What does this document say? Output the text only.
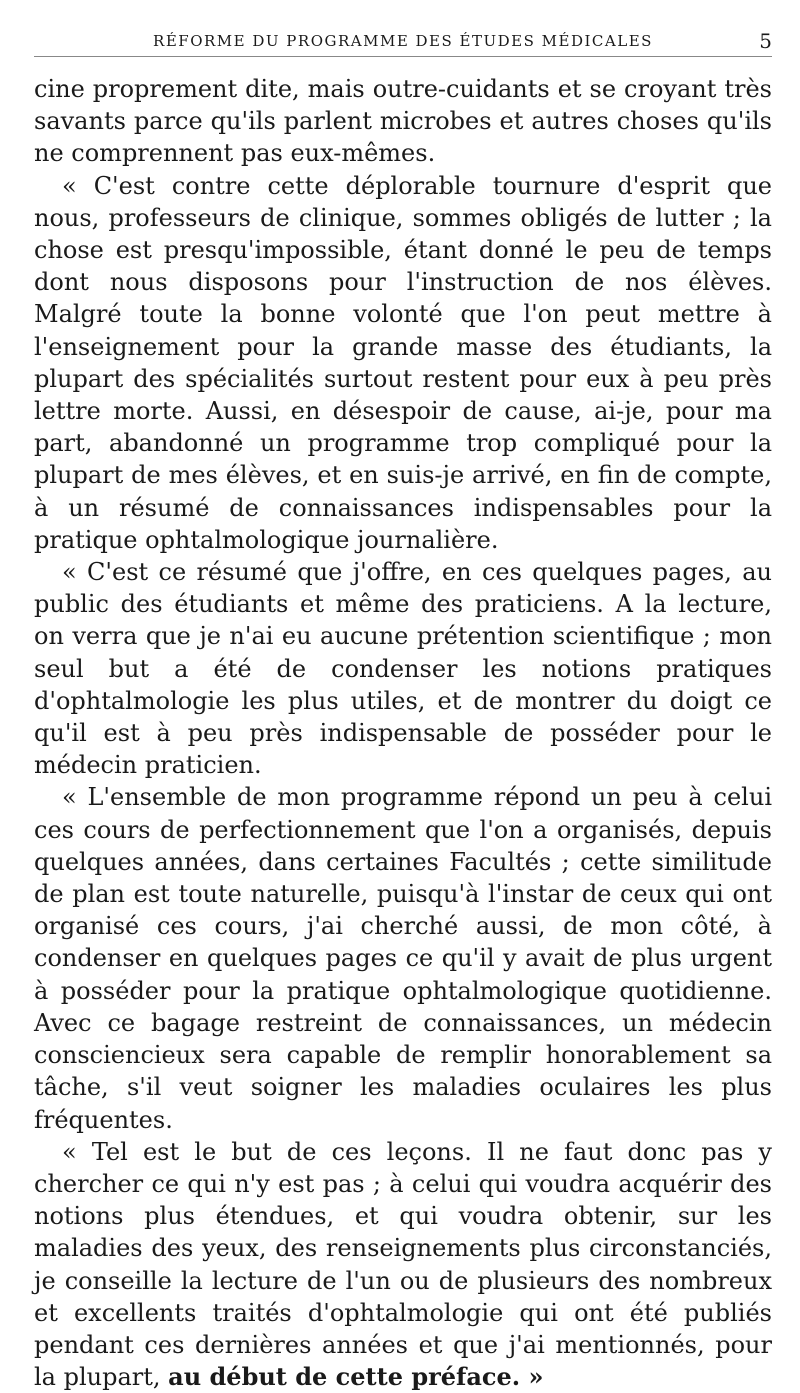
RÉFORME DU PROGRAMME DES ÉTUDES MÉDICALES	5

cine proprement dite, mais outre-cuidants et se croyant très savants parce qu'ils parlent microbes et autres choses qu'ils ne comprennent pas eux-mêmes.

« C'est contre cette déplorable tournure d'esprit que nous, professeurs de clinique, sommes obligés de lutter ; la chose est presqu'impossible, étant donné le peu de temps dont nous disposons pour l'instruction de nos élèves. Malgré toute la bonne volonté que l'on peut mettre à l'enseignement pour la grande masse des étudiants, la plupart des spécialités surtout restent pour eux à peu près lettre morte. Aussi, en désespoir de cause, ai-je, pour ma part, abandonné un programme trop compliqué pour la plupart de mes élèves, et en suis-je arrivé, en fin de compte, à un résumé de connaissances indispensables pour la pratique ophtalmologique journalière.

« C'est ce résumé que j'offre, en ces quelques pages, au public des étudiants et même des praticiens. A la lecture, on verra que je n'ai eu aucune prétention scientifique ; mon seul but a été de condenser les notions pratiques d'ophtalmologie les plus utiles, et de montrer du doigt ce qu'il est à peu près indispensable de posséder pour le médecin praticien.

« L'ensemble de mon programme répond un peu à celui ces cours de perfectionnement que l'on a organisés, depuis quelques années, dans certaines Facultés ; cette similitude de plan est toute naturelle, puisqu'à l'instar de ceux qui ont organisé ces cours, j'ai cherché aussi, de mon côté, à condenser en quelques pages ce qu'il y avait de plus urgent à posséder pour la pratique ophtalmologique quotidienne. Avec ce bagage restreint de connaissances, un médecin consciencieux sera capable de remplir honorablement sa tâche, s'il veut soigner les maladies oculaires les plus fréquentes.

« Tel est le but de ces leçons. Il ne faut donc pas y chercher ce qui n'y est pas ; à celui qui voudra acquérir des notions plus étendues, et qui voudra obtenir, sur les maladies des yeux, des renseignements plus circonstanciés, je conseille la lecture de l'un ou de plusieurs des nombreux et excellents traités d'ophtalmologie qui ont été publiés pendant ces dernières années et que j'ai mentionnés, pour la plupart, au début de cette préface. »
